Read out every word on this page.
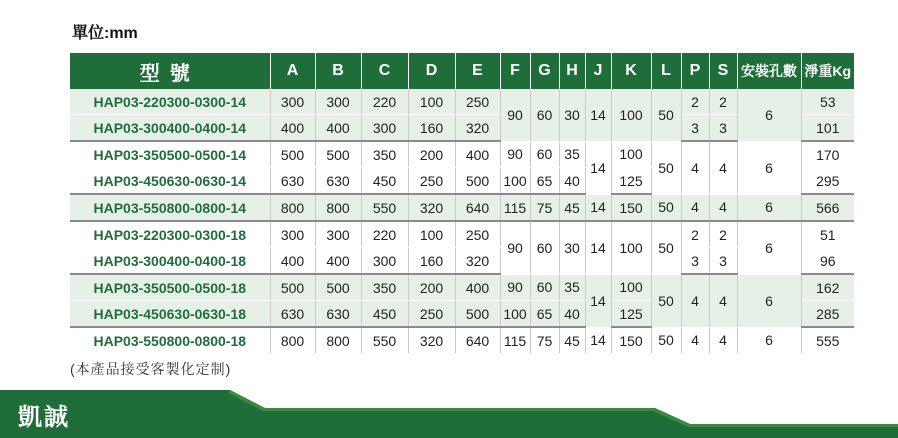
單位:mm
型號	A	B	C	D	E	F	G	H	J	K	L	P	S	安裝孔數	淨重Kg
HAP03-220300-0300-14	300	300	220	100	250	90	60	30	14	100	50	2	2	6	53
HAP03-300400-0400-14	400	400	300	160	320							3	3		101
HAP03-350500-0500-14	500	500	350	200	400	90	60	35	14	100	50	4	4	6	170
HAP03-450630-0630-14	630	630	450	250	500	100	65	40		125					295
HAP03-550800-0800-14	800	800	550	320	640	115	75	45	14	150	50	4	4	6	566
HAP03-220300-0300-18	300	300	220	100	250	90	60	30	14	100	50	2	2	6	51
HAP03-300400-0400-18	400	400	300	160	320							3	3		96
HAP03-350500-0500-18	500	500	350	200	400	90	60	35	14	100	50	4	4	6	162
HAP03-450630-0630-18	630	630	450	250	500	100	65	40		125					285
HAP03-550800-0800-18	800	800	550	320	640	115	75	45	14	150	50	4	4	6	555
(本產品接受客製化定制)
凱誠
